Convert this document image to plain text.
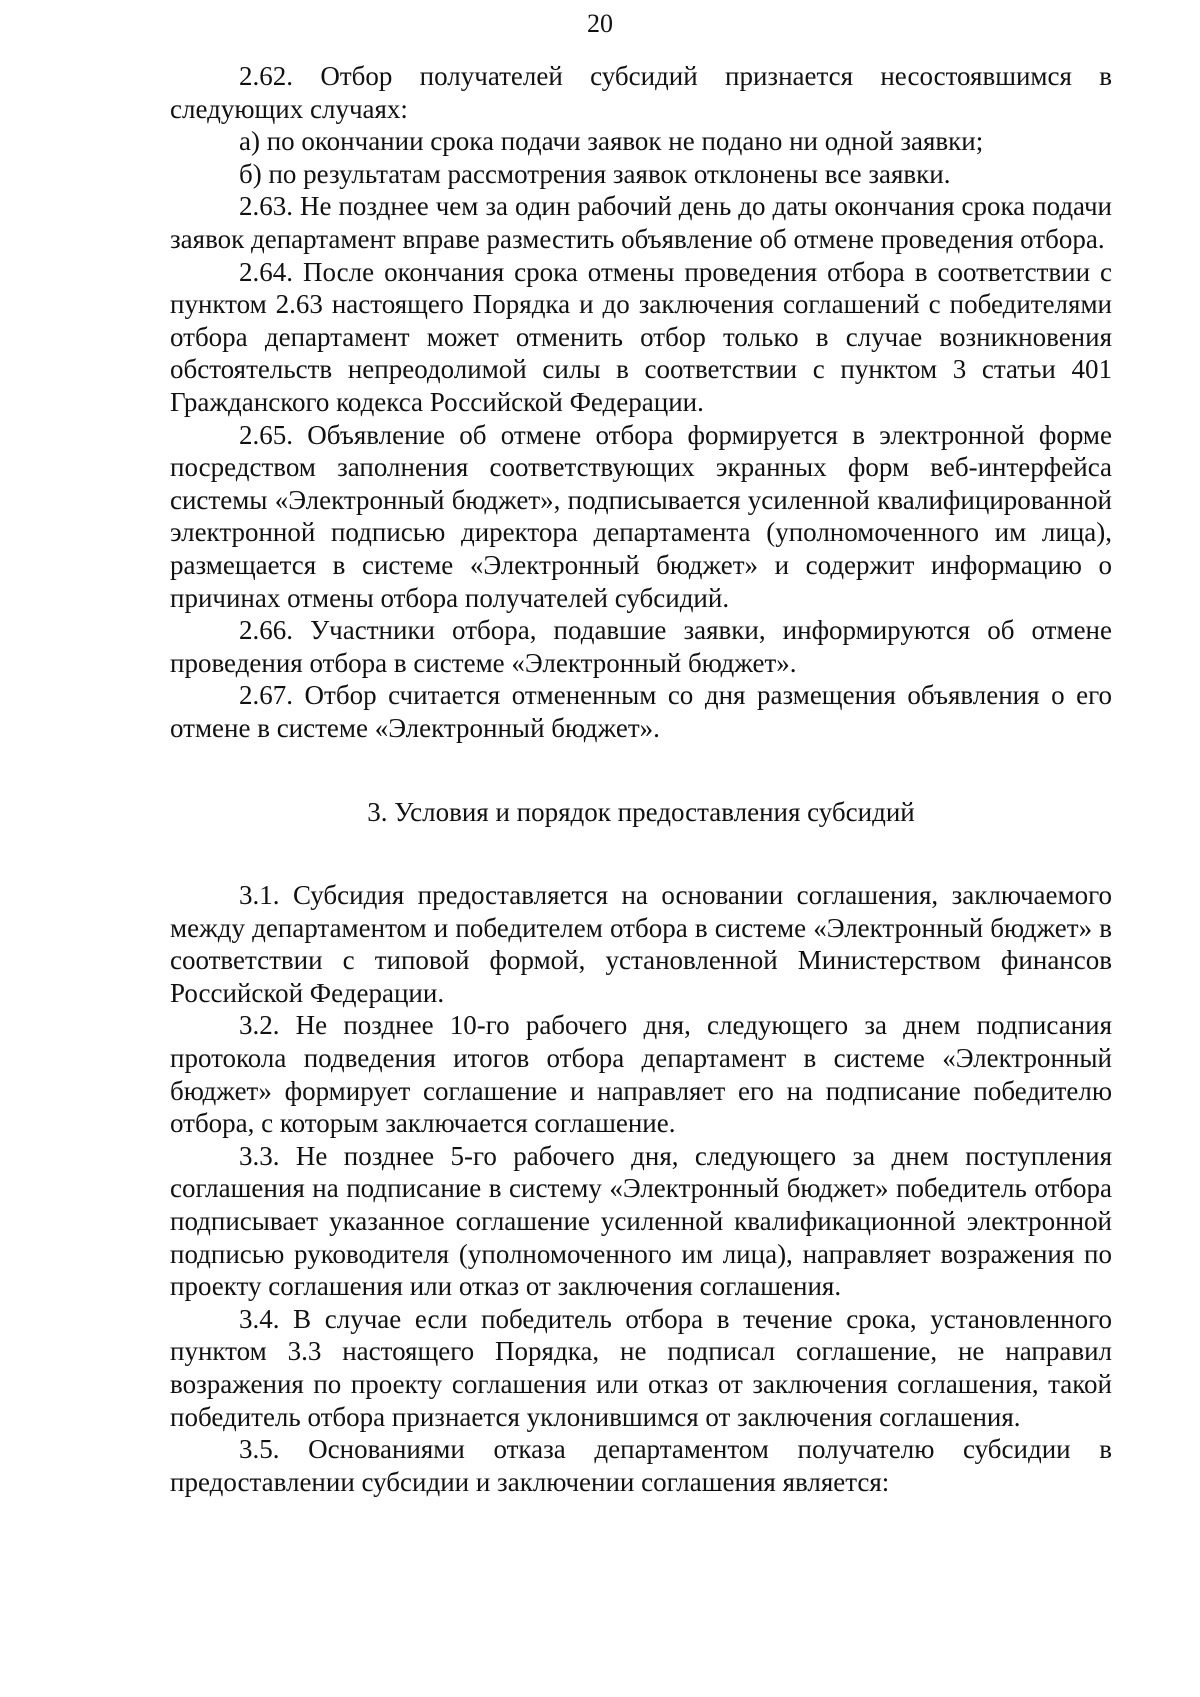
20

2.62. Отбор получателей субсидий признается несостоявшимся в следующих случаях:

а) по окончании срока подачи заявок не подано ни одной заявки;

б) по результатам рассмотрения заявок отклонены все заявки.

2.63. Не позднее чем за один рабочий день до даты окончания срока подачи заявок департамент вправе разместить объявление об отмене проведения отбора.

2.64. После окончания срока отмены проведения отбора в соответствии с пунктом 2.63 настоящего Порядка и до заключения соглашений с победителями отбора департамент может отменить отбор только в случае возникновения обстоятельств непреодолимой силы в соответствии с пунктом 3 статьи 401 Гражданского кодекса Российской Федерации.

2.65. Объявление об отмене отбора формируется в электронной форме посредством заполнения соответствующих экранных форм веб-интерфейса системы «Электронный бюджет», подписывается усиленной квалифицированной электронной подписью директора департамента (уполномоченного им лица), размещается в системе «Электронный бюджет» и содержит информацию о причинах отмены отбора получателей субсидий.

2.66. Участники отбора, подавшие заявки, информируются об отмене проведения отбора в системе «Электронный бюджет».

2.67. Отбор считается отмененным со дня размещения объявления о его отмене в системе «Электронный бюджет».

3. Условия и порядок предоставления субсидий

3.1. Субсидия предоставляется на основании соглашения, заключаемого между департаментом и победителем отбора в системе «Электронный бюджет» в соответствии с типовой формой, установленной Министерством финансов Российской Федерации.

3.2. Не позднее 10-го рабочего дня, следующего за днем подписания протокола подведения итогов отбора департамент в системе «Электронный бюджет» формирует соглашение и направляет его на подписание победителю отбора, с которым заключается соглашение.

3.3. Не позднее 5-го рабочего дня, следующего за днем поступления соглашения на подписание в систему «Электронный бюджет» победитель отбора подписывает указанное соглашение усиленной квалификационной электронной подписью руководителя (уполномоченного им лица), направляет возражения по проекту соглашения или отказ от заключения соглашения.

3.4. В случае если победитель отбора в течение срока, установленного пунктом 3.3 настоящего Порядка, не подписал соглашение, не направил возражения по проекту соглашения или отказ от заключения соглашения, такой победитель отбора признается уклонившимся от заключения соглашения.

3.5. Основаниями отказа департаментом получателю субсидии в предоставлении субсидии и заключении соглашения является:
